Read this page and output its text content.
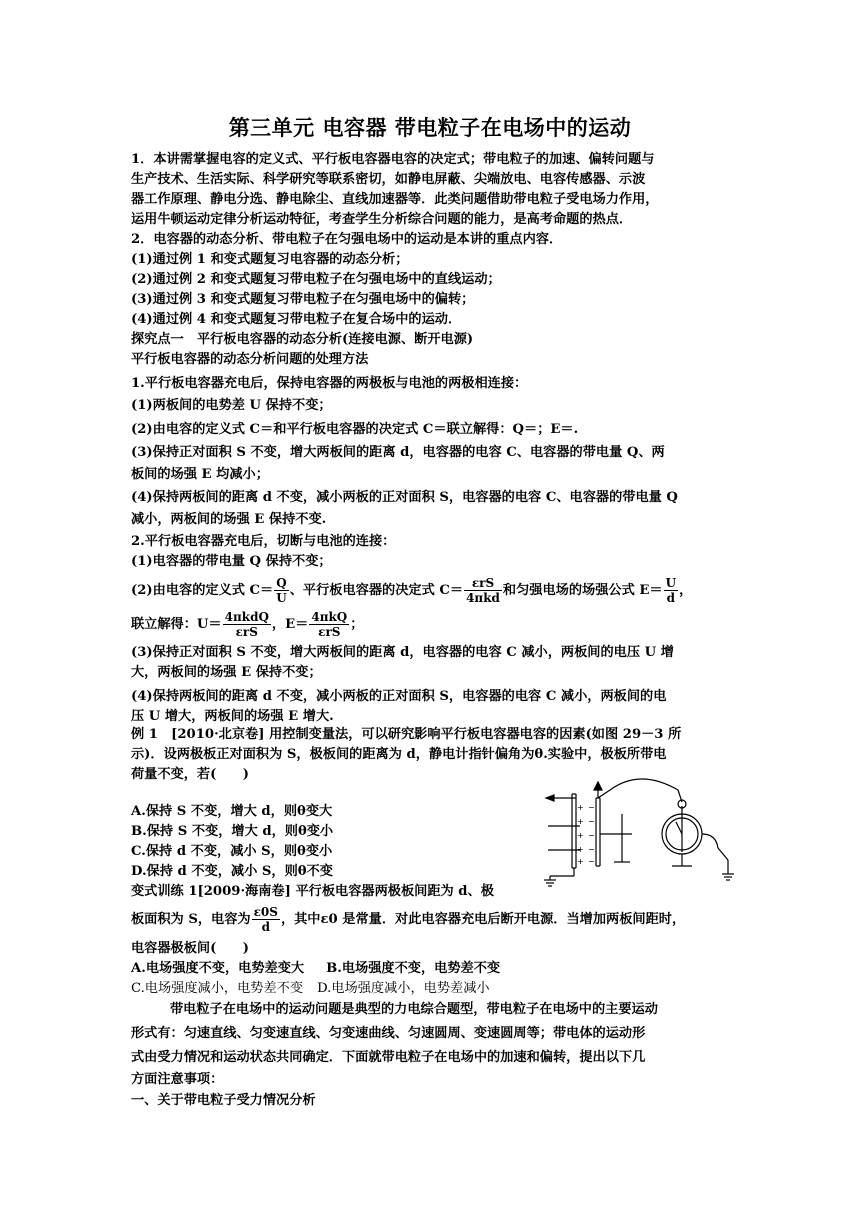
第三单元 电容器 带电粒子在电场中的运动
1．本讲需掌握电容的定义式、平行板电容器电容的决定式；带电粒子的加速、偏转问题与
生产技术、生活实际、科学研究等联系密切，如静电屏蔽、尖端放电、电容传感器、示波
器工作原理、静电分选、静电除尘、直线加速器等．此类问题借助带电粒子受电场力作用，
运用牛顿运动定律分析运动特征，考查学生分析综合问题的能力，是高考命题的热点．
2．电容器的动态分析、带电粒子在匀强电场中的运动是本讲的重点内容．
(1)通过例 1 和变式题复习电容器的动态分析；
(2)通过例 2 和变式题复习带电粒子在匀强电场中的直线运动；
(3)通过例 3 和变式题复习带电粒子在匀强电场中的偏转；
(4)通过例 4 和变式题复习带电粒子在复合场中的运动．
探究点一　平行板电容器的动态分析(连接电源、断开电源)
平行板电容器的动态分析问题的处理方法
1.平行板电容器充电后，保持电容器的两极板与电池的两极相连接：
(1)两板间的电势差 U 保持不变；
(2)由电容的定义式 C＝和平行板电容器的决定式 C＝联立解得：Q＝；E＝.
(3)保持正对面积 S 不变，增大两板间的距离 d，电容器的电容 C、电容器的带电量 Q、两
板间的场强 E 均减小；
(4)保持两板间的距离 d 不变，减小两板的正对面积 S，电容器的电容 C、电容器的带电量 Q
减小，两板间的场强 E 保持不变.
2.平行板电容器充电后，切断与电池的连接：
(1)电容器的带电量 Q 保持不变；
(2)由电容的定义式 $C= \frac{Q}{U}$ 、平行板电容器的决定式 $C= \frac{\text{εrS}}{\text{4πkd}}$ 和匀强电场的场强公式 $E= \frac{U}{d}$ ，
联立解得：$U= \frac{\text{4πkdQ}}{\text{εrS}}$ ，$E= \frac{\text{4πkQ}}{\text{εrS}}$ ；
(3)保持正对面积 S 不变，增大两板间的距离 d，电容器的电容 C 减小，两板间的电压 U 增
大，两板间的场强 E 保持不变；
(4)保持两板间的距离 d 不变，减小两板的正对面积 S，电容器的电容 C 减小，两板间的电
压 U 增大，两板间的场强 E 增大.
例 1　[2010·北京卷] 用控制变量法，可以研究影响平行板电容器电容的因素(如图 29－3 所
示)．设两极板正对面积为 S，极板间的距离为 d，静电计指针偏角为θ.实验中，极板所带电
荷量不变，若(　　)
A.保持 S 不变，增大 d，则θ变大
B.保持 S 不变，增大 d，则θ变小
C.保持 d 不变，减小 S，则θ变小
D.保持 d 不变，减小 S，则θ不变
+
+
+
+
+
−
−
−
−
−
变式训练 1[2009·海南卷] 平行板电容器两极板间距为 d、极
板面积为 S，电容为 $\frac{\varepsilon 0S}{d}$ ，其中ε0 是常量．对此电容器充电后断开电源．当增加两板间距时，
电容器极板间(　　)
A.电场强度不变，电势差变大 B.电场强度不变，电势差不变
C.电场强度减小，电势差不变 D.电场强度减小，电势差减小
带电粒子在电场中的运动问题是典型的力电综合题型，带电粒子在电场中的主要运动
形式有：匀速直线、匀变速直线、匀变速曲线、匀速圆周、变速圆周等；带电体的运动形
式由受力情况和运动状态共同确定．下面就带电粒子在电场中的加速和偏转，提出以下几
方面注意事项：
一、关于带电粒子受力情况分析
